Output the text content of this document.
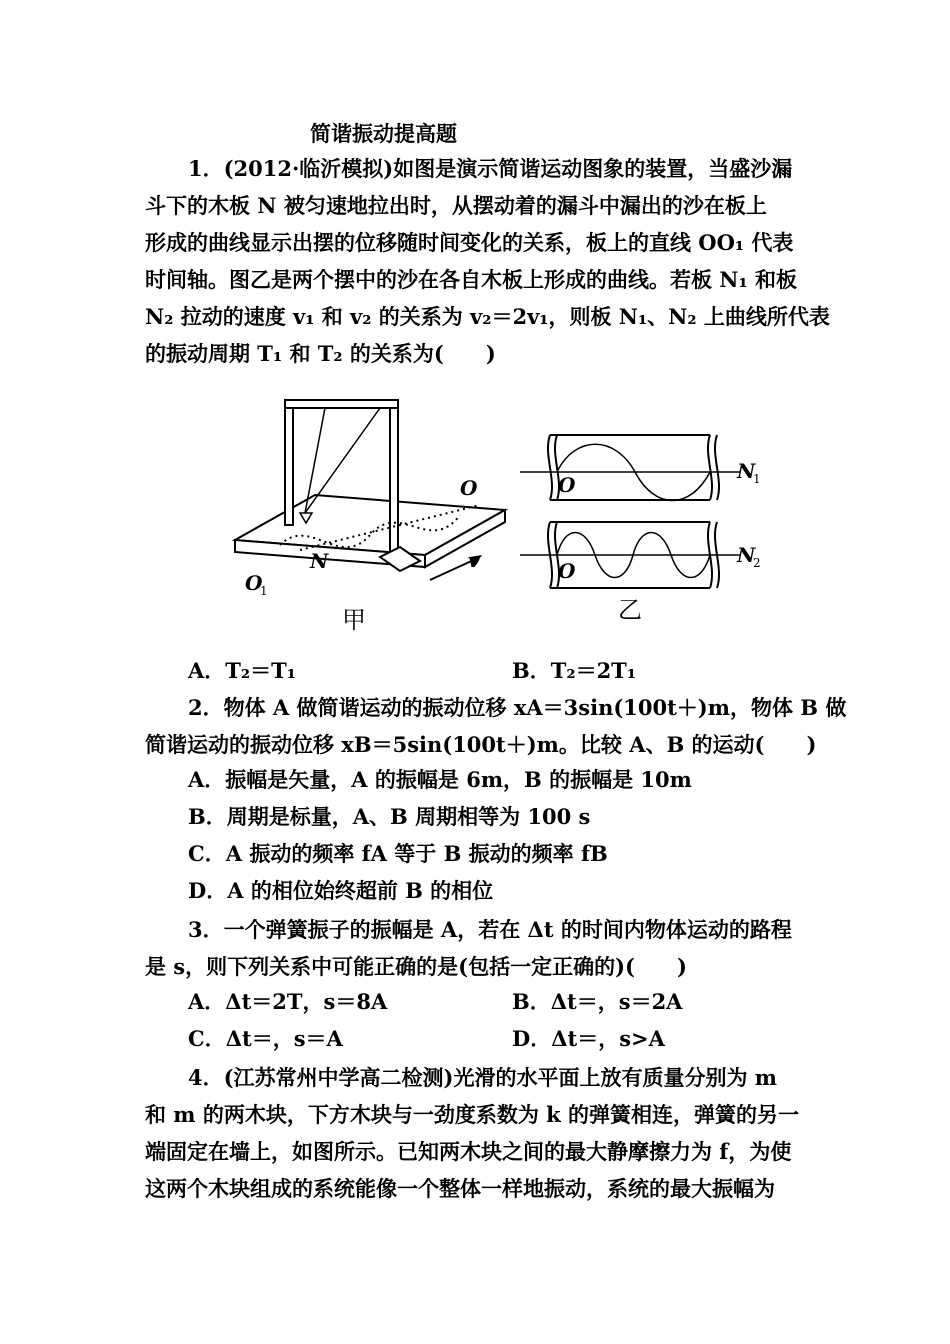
简谐振动提高题
1．(2012·临沂模拟)如图是演示简谐运动图象的装置，当盛沙漏
斗下的木板 N 被匀速地拉出时，从摆动着的漏斗中漏出的沙在板上
形成的曲线显示出摆的位移随时间变化的关系，板上的直线 OO₁ 代表
时间轴。图乙是两个摆中的沙在各自木板上形成的曲线。若板 N₁ 和板
N₂ 拉动的速度 v₁ 和 v₂ 的关系为 v₂＝2v₁，则板 N₁、N₂ 上曲线所代表
的振动周期 T₁ 和 T₂ 的关系为(　　)
O
N	v
O
1
甲
O
O
N
1
N
2
乙
A．T₂＝T₁	B．T₂＝2T₁
2．物体 A 做简谐运动的振动位移 xA＝3sin(100t＋)m，物体 B 做
简谐运动的振动位移 xB＝5sin(100t＋)m。比较 A、B 的运动(　　)
A．振幅是矢量，A 的振幅是 6m，B 的振幅是 10m
B．周期是标量，A、B 周期相等为 100 s
C．A 振动的频率 fA 等于 B 振动的频率 fB
D．A 的相位始终超前 B 的相位
3．一个弹簧振子的振幅是 A，若在 Δt 的时间内物体运动的路程
是 s，则下列关系中可能正确的是(包括一定正确的)(　　)
A．Δt＝2T，s＝8A	B．Δt＝，s＝2A
C．Δt＝，s＝A	D．Δt＝，s>A
4．(江苏常州中学高二检测)光滑的水平面上放有质量分别为 m
和 m 的两木块，下方木块与一劲度系数为 k 的弹簧相连，弹簧的另一
端固定在墙上，如图所示。已知两木块之间的最大静摩擦力为 f，为使
这两个木块组成的系统能像一个整体一样地振动，系统的最大振幅为
